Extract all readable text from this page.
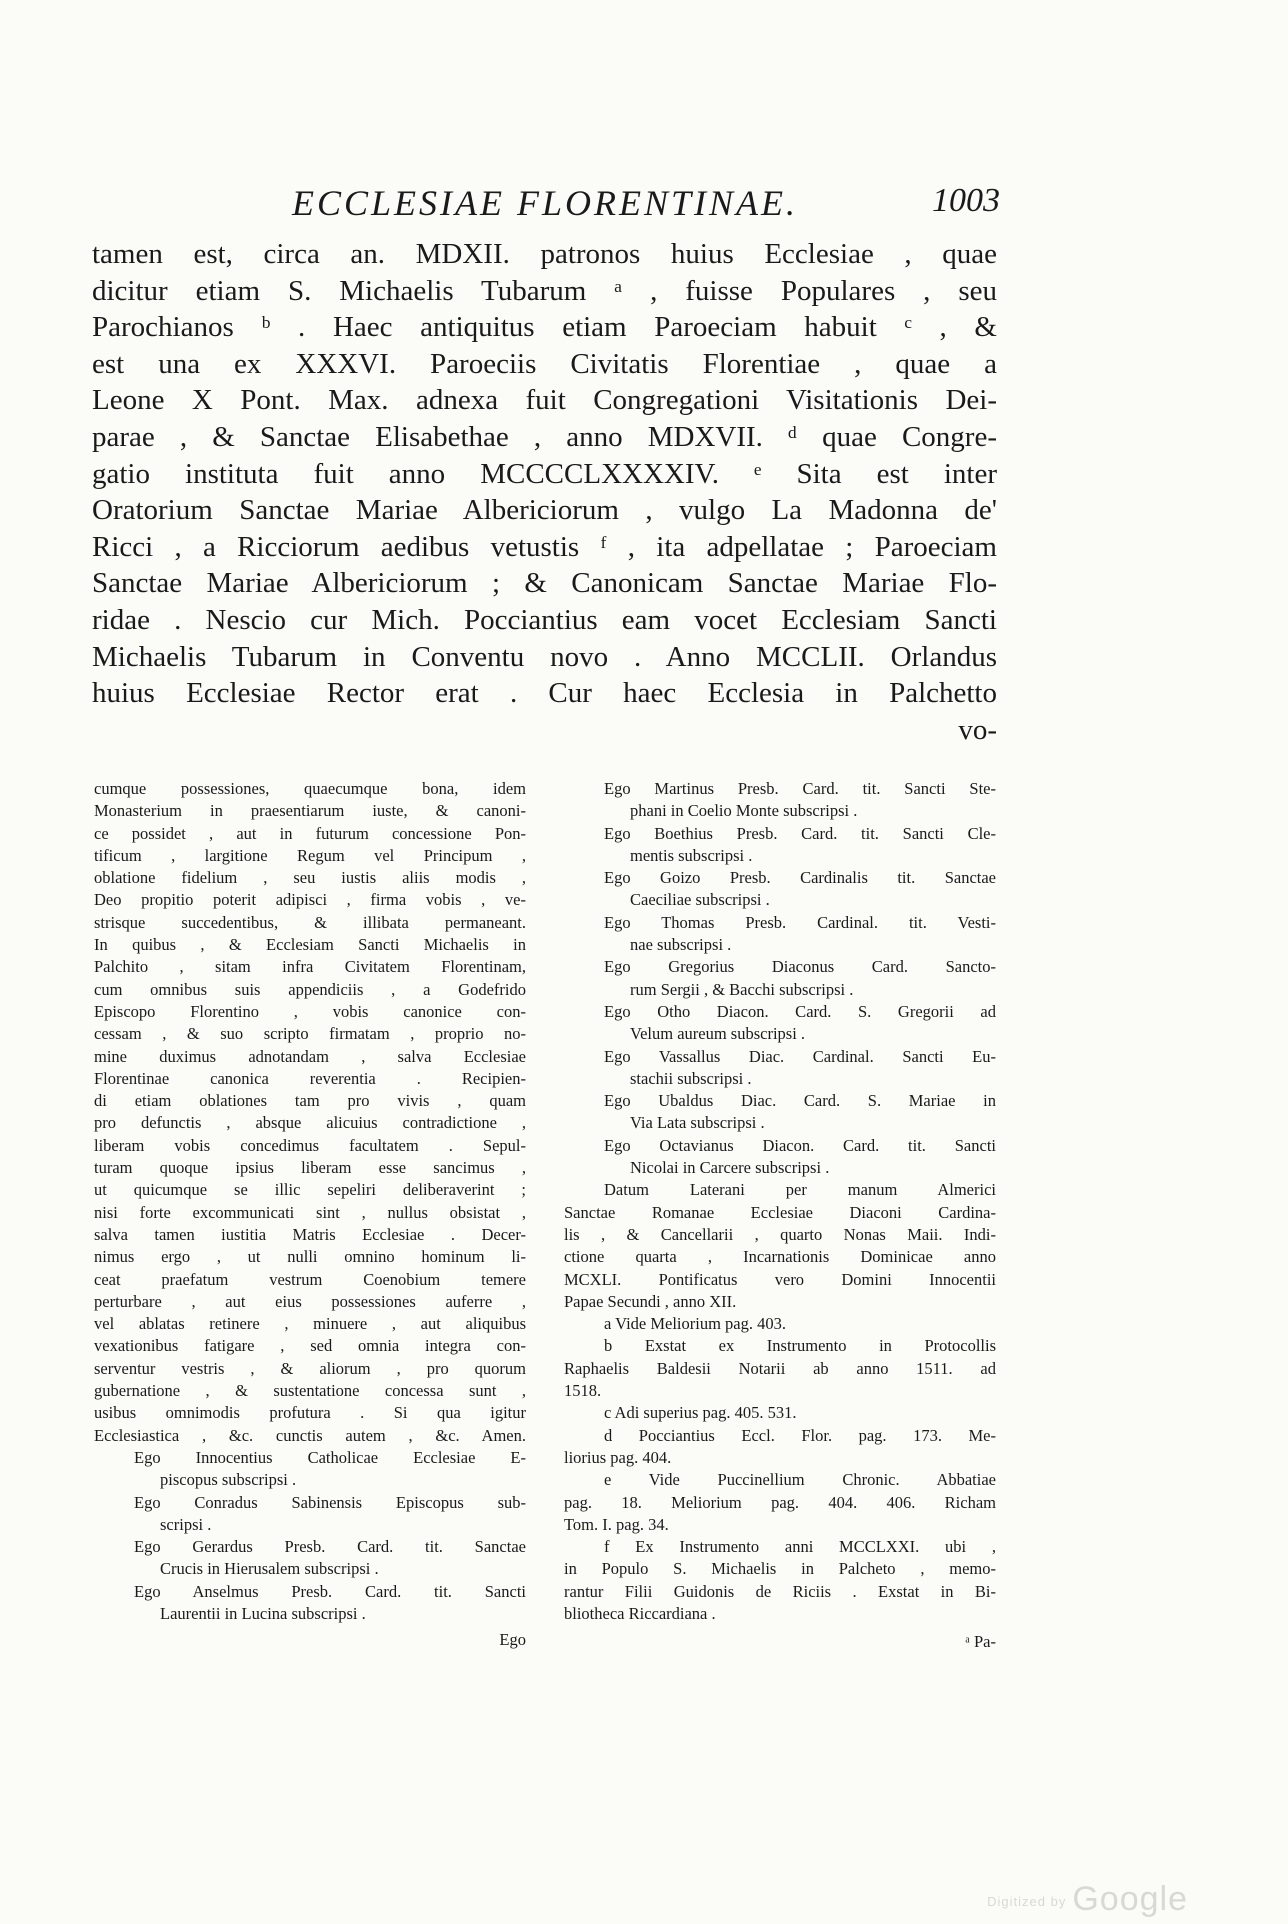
ECCLESIAE FLORENTINAE.	1003
tamen est, circa an. MDXII. patronos huius Ecclesiae , quae
dicitur etiam S. Michaelis Tubarum ᵃ , fuisse Populares , seu
Parochianos ᵇ . Haec antiquitus etiam Paroeciam habuit ᶜ , &
est una ex XXXVI. Paroeciis Civitatis Florentiae , quae a
Leone X Pont. Max. adnexa fuit Congregationi Visitationis Dei-
parae , & Sanctae Elisabethae , anno MDXVII. ᵈ quae Congre-
gatio instituta fuit anno MCCCCLXXXXIV. ᵉ Sita est inter
Oratorium Sanctae Mariae Albericiorum , vulgo La Madonna de'
Ricci , a Ricciorum aedibus vetustis ᶠ , ita adpellatae ; Paroeciam
Sanctae Mariae Albericiorum ; & Canonicam Sanctae Mariae Flo-
ridae . Nescio cur Mich. Pocciantius eam vocet Ecclesiam Sancti
Michaelis Tubarum in Conventu novo . Anno MCCLII. Orlandus
huius Ecclesiae Rector erat . Cur haec Ecclesia in Palchetto
vo-
cumque possessiones, quaecumque bona, idem
Monasterium in praesentiarum iuste, & canoni-
ce possidet , aut in futurum concessione Pon-
tificum , largitione Regum vel Principum ,
oblatione fidelium , seu iustis aliis modis ,
Deo propitio poterit adipisci , firma vobis , ve-
strisque succedentibus, & illibata permaneant.
In quibus , & Ecclesiam Sancti Michaelis in
Palchito , sitam infra Civitatem Florentinam,
cum omnibus suis appendiciis , a Godefrido
Episcopo Florentino , vobis canonice con-
cessam , & suo scripto firmatam , proprio no-
mine duximus adnotandam , salva Ecclesiae
Florentinae canonica reverentia . Recipien-
di etiam oblationes tam pro vivis , quam
pro defunctis , absque alicuius contradictione ,
liberam vobis concedimus facultatem . Sepul-
turam quoque ipsius liberam esse sancimus ,
ut quicumque se illic sepeliri deliberaverint ;
nisi forte excommunicati sint , nullus obsistat ,
salva tamen iustitia Matris Ecclesiae . Decer-
nimus ergo , ut nulli omnino hominum li-
ceat praefatum vestrum Coenobium temere
perturbare , aut eius possessiones auferre ,
vel ablatas retinere , minuere , aut aliquibus
vexationibus fatigare , sed omnia integra con-
serventur vestris , & aliorum , pro quorum
gubernatione , & sustentatione concessa sunt ,
usibus omnimodis profutura . Si qua igitur
Ecclesiastica , &c. cunctis autem , &c. Amen.
Ego Innocentius Catholicae Ecclesiae E-
piscopus subscripsi .
Ego Conradus Sabinensis Episcopus sub-
scripsi .
Ego Gerardus Presb. Card. tit. Sanctae
Crucis in Hierusalem subscripsi .
Ego Anselmus Presb. Card. tit. Sancti
Laurentii in Lucina subscripsi .
Ego
Ego Martinus Presb. Card. tit. Sancti Ste-
phani in Coelio Monte subscripsi .
Ego Boethius Presb. Card. tit. Sancti Cle-
mentis subscripsi .
Ego Goizo Presb. Cardinalis tit. Sanctae
Caeciliae subscripsi .
Ego Thomas Presb. Cardinal. tit. Vesti-
nae subscripsi .
Ego Gregorius Diaconus Card. Sancto-
rum Sergii , & Bacchi subscripsi .
Ego Otho Diacon. Card. S. Gregorii ad
Velum aureum subscripsi .
Ego Vassallus Diac. Cardinal. Sancti Eu-
stachii subscripsi .
Ego Ubaldus Diac. Card. S. Mariae in
Via Lata subscripsi .
Ego Octavianus Diacon. Card. tit. Sancti
Nicolai in Carcere subscripsi .
Datum Laterani per manum Almerici
Sanctae Romanae Ecclesiae Diaconi Cardina-
lis , & Cancellarii , quarto Nonas Maii. Indi-
ctione quarta , Incarnationis Dominicae anno
MCXLI. Pontificatus vero Domini Innocentii
Papae Secundi , anno XII.
a Vide Meliorium pag. 403.
b Exstat ex Instrumento in Protocollis
Raphaelis Baldesii Notarii ab anno 1511. ad
1518.
c Adi superius pag. 405. 531.
d Pocciantius Eccl. Flor. pag. 173. Me-
liorius pag. 404.
e Vide Puccinellium Chronic. Abbatiae
pag. 18. Meliorium pag. 404. 406. Richam
Tom. I. pag. 34.
f Ex Instrumento anni MCCLXXI. ubi ,
in Populo S. Michaelis in Palcheto , memo-
rantur Filii Guidonis de Riciis . Exstat in Bi-
bliotheca Riccardiana .
ᵃ Pa-
Digitized by Google
